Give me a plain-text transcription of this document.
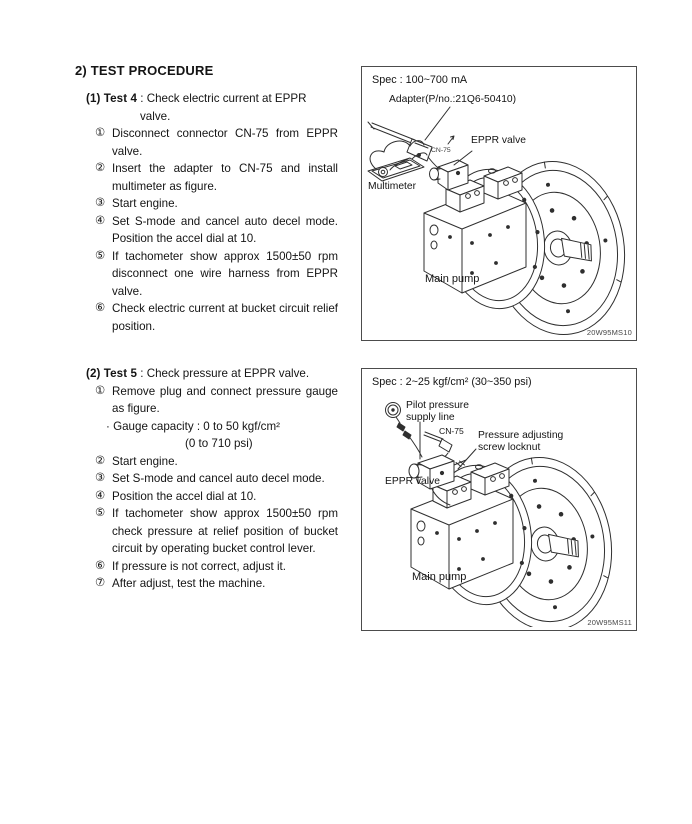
2) TEST PROCEDURE
(1) Test 4 : Check electric current at EPPR valve.
① Disconnect connector CN-75 from EPPR valve.
② Insert the adapter to CN-75 and install multimeter as figure.
③ Start engine.
④ Set S-mode and cancel auto decel mode. Position the accel dial at 10.
⑤ If tachometer show approx 1500±50 rpm disconnect one wire harness from EPPR valve.
⑥ Check electric current at bucket circuit relief position.
(2) Test 5 : Check pressure at EPPR valve.
① Remove plug and connect pressure gauge as figure.
· Gauge capacity : 0 to 50 kgf/cm²
(0 to 710 psi)
② Start engine.
③ Set S-mode and cancel auto decel mode.
④ Position the accel dial at 10.
⑤ If tachometer show approx 1500±50 rpm check pressure at relief position of bucket circuit by operating bucket control lever.
⑥ If pressure is not correct, adjust it.
⑦ After adjust, test the machine.
Spec : 100~700 mA
Adapter(P/no.:21Q6-50410)
CN-75
EPPR valve
Multimeter
Main pump
20W95MS10
Spec : 2~25 kgf/cm² (30~350 psi)
Pilot pressure supply line
CN-75 Pressure adjusting screw locknut
EPPR valve
Main pump
20W95MS11
